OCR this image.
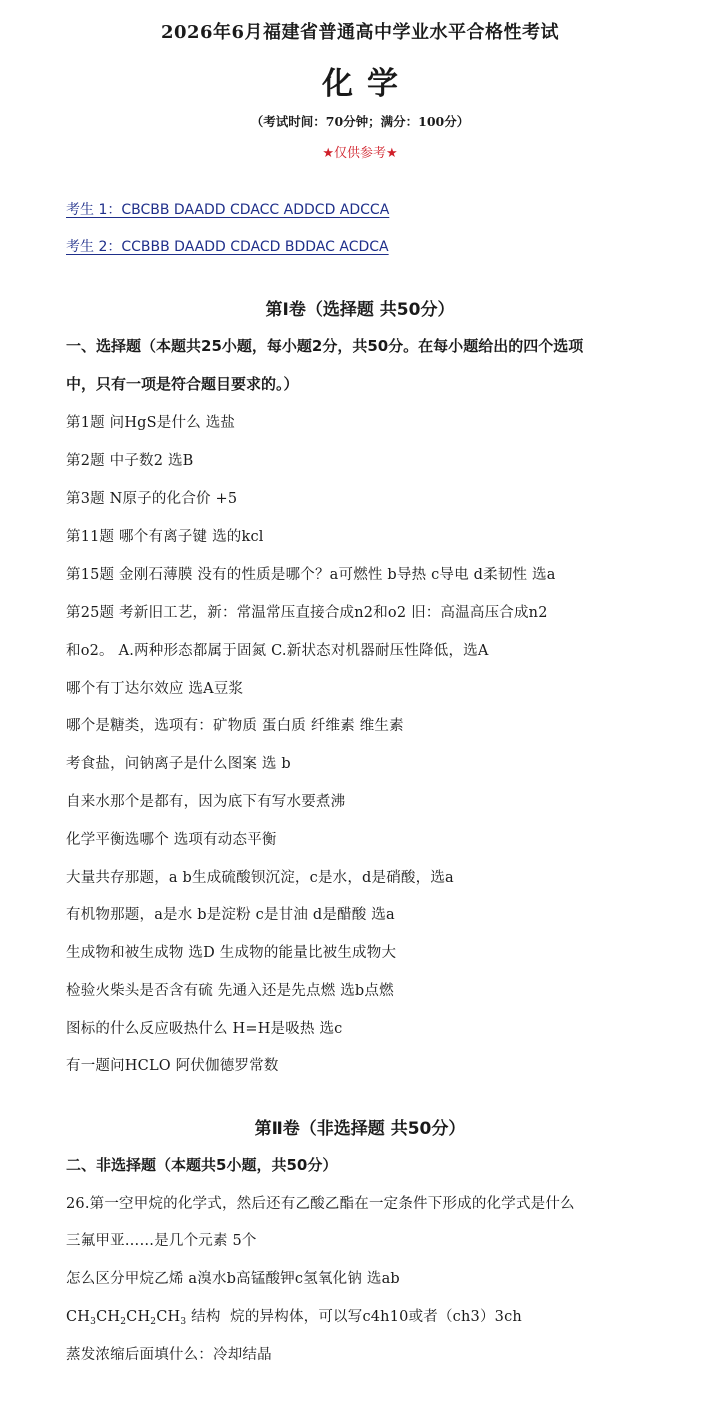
2026年6月福建省普通高中学业水平合格性考试
化学
（考试时间：70分钟；满分：100分）
★仅供参考★
考生 1：CBCBB DAADD CDACC ADDCD ADCCA
考生 2：CCBBB DAADD CDACD BDDAC ACDCA
第Ⅰ卷（选择题 共50分）
一、选择题（本题共25小题，每小题2分，共50分。在每小题给出的四个选项
中，只有一项是符合题目要求的。）
第1题 问HgS是什么 选盐
第2题 中子数2 选B
第3题 N原子的化合价 +5
第11题 哪个有离子键 选的kcl
第15题 金刚石薄膜 没有的性质是哪个？a可燃性 b导热 c导电 d柔韧性 选a
第25题 考新旧工艺，新：常温常压直接合成n2和o2 旧：高温高压合成n2
和o2。 A.两种形态都属于固氮 C.新状态对机器耐压性降低，选A
哪个有丁达尔效应 选A豆浆
哪个是糖类，选项有：矿物质 蛋白质 纤维素 维生素
考食盐，问钠离子是什么图案 选 b
自来水那个是都有，因为底下有写水要煮沸
化学平衡选哪个 选项有动态平衡
大量共存那题，a b生成硫酸钡沉淀，c是水，d是硝酸，选a
有机物那题，a是水 b是淀粉 c是甘油 d是醋酸 选a
生成物和被生成物 选D 生成物的能量比被生成物大
检验火柴头是否含有硫 先通入还是先点燃 选b点燃
图标的什么反应吸热什么 H=H是吸热 选c
有一题问HCLO 阿伏伽德罗常数
第Ⅱ卷（非选择题 共50分）
二、非选择题（本题共5小题，共50分）
26.第一空甲烷的化学式，然后还有乙酸乙酯在一定条件下形成的化学式是什么
三氟甲亚……是几个元素 5个
怎么区分甲烷乙烯 a溴水b高锰酸钾c氢氧化钠 选ab
$CH_3CH_2CH_2CH_3$ 结构  烷的异构体，可以写c4h10或者（ch3）3ch
蒸发浓缩后面填什么：冷却结晶
